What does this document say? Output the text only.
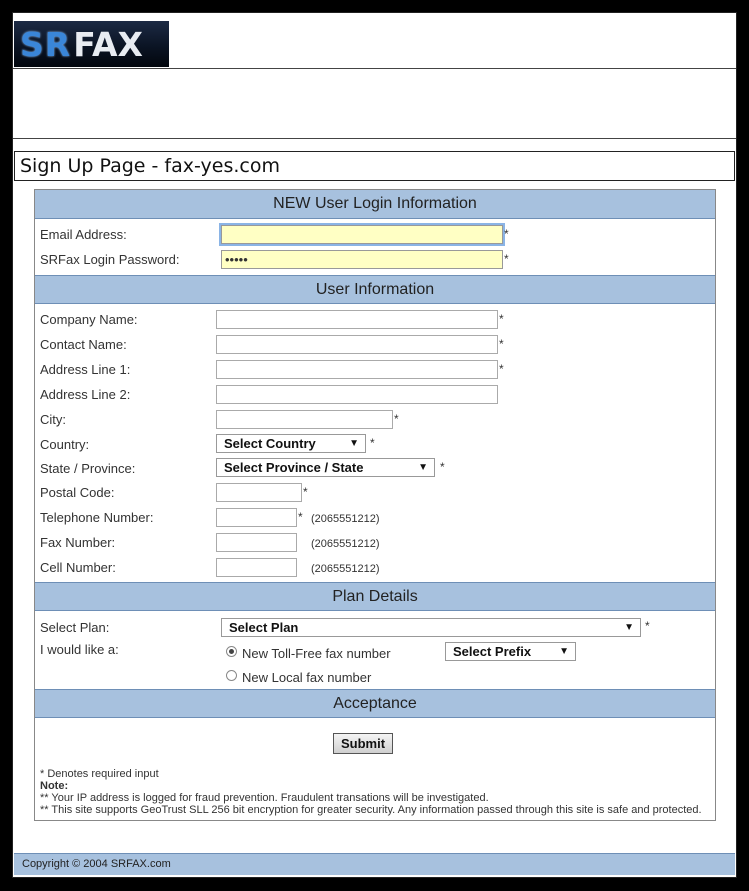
SR FAX
Sign Up Page - fax-yes.com
NEW User Login Information
Email Address:	*
SRFax Login Password:	•••••	*
User Information
Company Name:	*
Contact Name:	*
Address Line 1:	*
Address Line 2:
City:	*
Country:	Select Country	▼ *
State / Province:	Select Province / State	▼ *
Postal Code:	*
Telephone Number:	* (2065551212)
Fax Number:	(2065551212)
Cell Number:	(2065551212)
Plan Details
Select Plan:	Select Plan	▼ *
I would like a:	New Toll-Free fax number	Select Prefix	▼
New Local fax number
Acceptance
Submit
* Denotes required input
Note:
** Your IP address is logged for fraud prevention. Fraudulent transations will be investigated.
** This site supports GeoTrust SLL 256 bit encryption for greater security. Any information passed through this site is safe and protected.
Copyright © 2004 SRFAX.com
